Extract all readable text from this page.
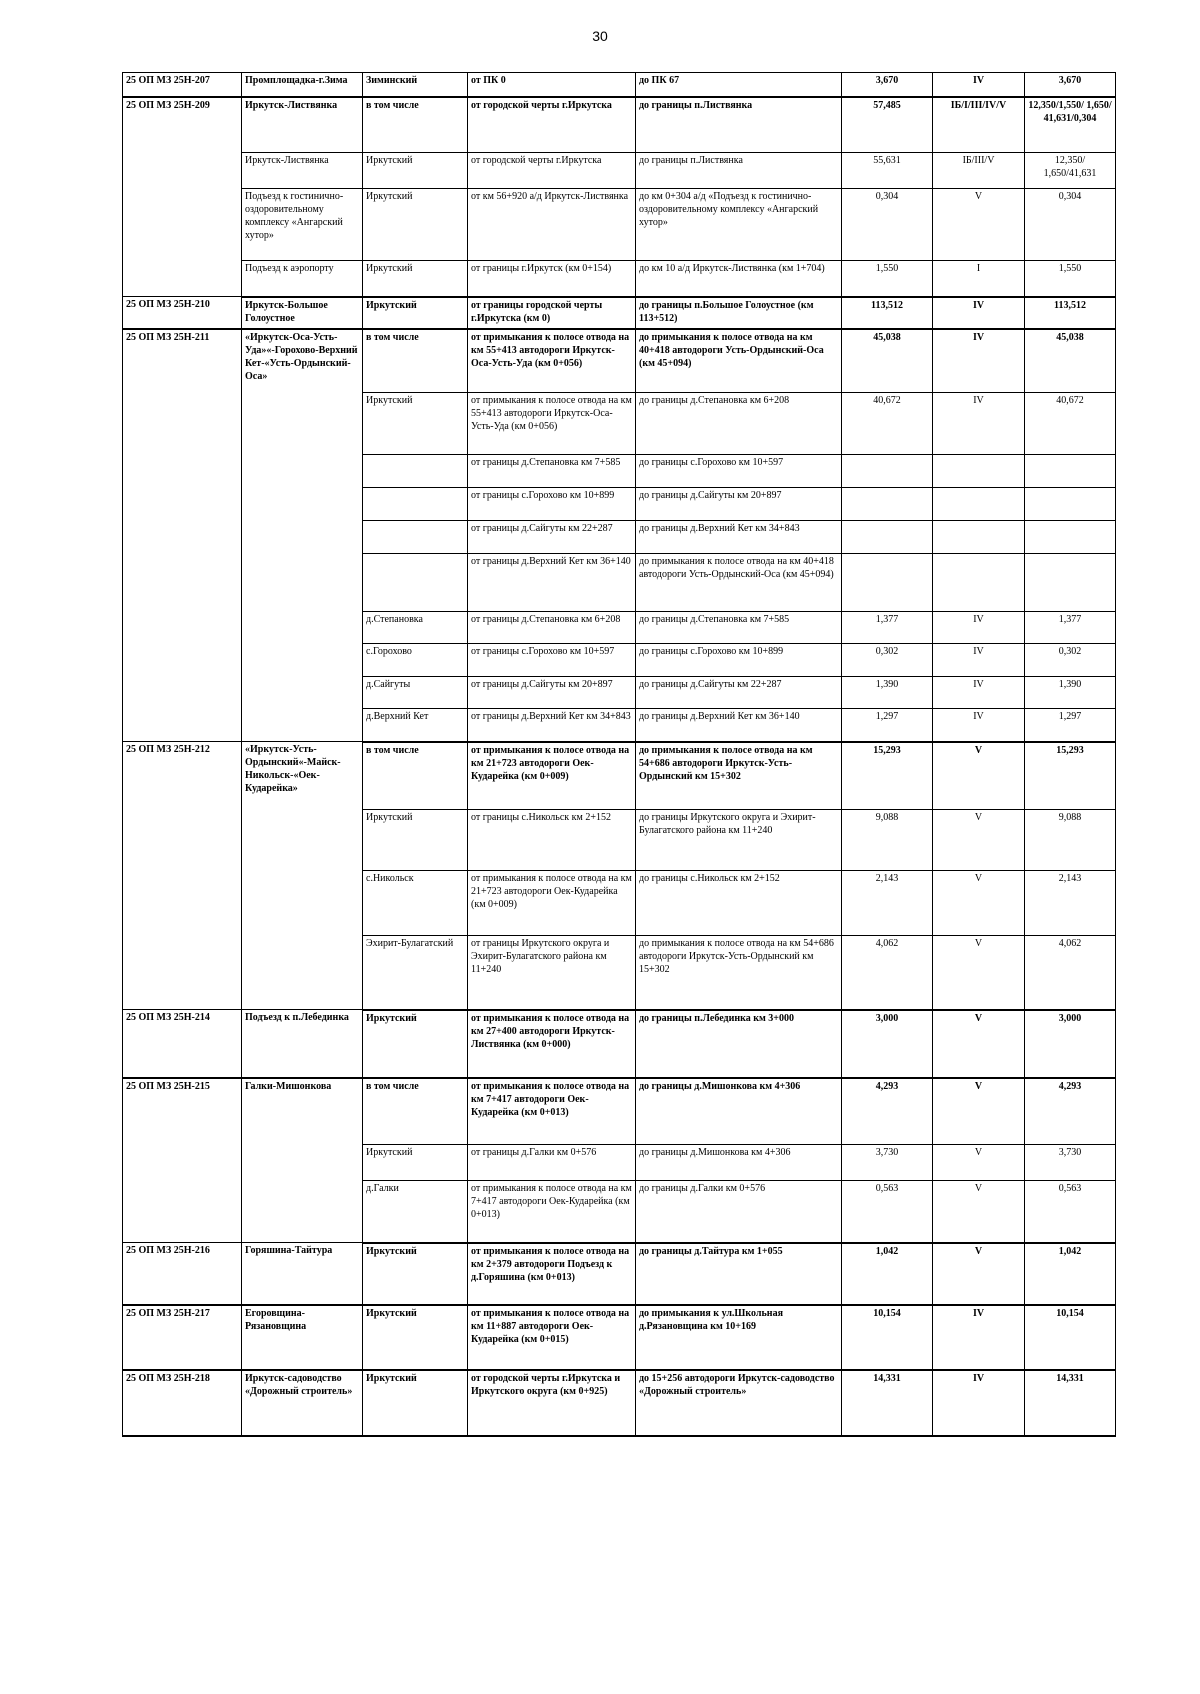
30
25 ОП МЗ 25Н-207	Промплощадка-г.Зима	Зиминский	от ПК 0	до ПК 67	3,670	IV	3,670
25 ОП МЗ 25Н-209	Иркутск-Листвянка	в том числе	от городской черты г.Иркутска	до границы п.Листвянка	57,485	IБ/I/III/IV/V	12,350/1,550/ 1,650/ 41,631/0,304
	Иркутск-Листвянка	Иркутский	от городской черты г.Иркутска	до границы п.Листвянка	55,631	IБ/III/V	12,350/ 1,650/41,631
	Подъезд к гостинично-оздоровительному комплексу «Ангарский хутор»	Иркутский	от км 56+920 а/д Иркутск-Листвянка	до км 0+304 а/д «Подъезд к гостинично-оздоровительному комплексу «Ангарский хутор»	0,304	V	0,304
	Подъезд к аэропорту	Иркутский	от границы г.Иркутск (км 0+154)	до км 10 а/д Иркутск-Листвянка (км 1+704)	1,550	I	1,550
25 ОП МЗ 25Н-210	Иркутск-Большое Голоустное	Иркутский	от границы городской черты г.Иркутска (км 0)	до границы п.Большое Голоустное (км 113+512)	113,512	IV	113,512
25 ОП МЗ 25Н-211	«Иркутск-Оса-Усть-Уда»«-Горохово-Верхний Кет-«Усть-Ордынский-Оса»	в том числе	от примыкания к полосе отвода на км 55+413 автодороги Иркутск-Оса-Усть-Уда (км 0+056)	до примыкания к полосе отвода на км 40+418 автодороги Усть-Ордынский-Оса (км 45+094)	45,038	IV	45,038
		Иркутский	от примыкания к полосе отвода на км 55+413 автодороги Иркутск-Оса-Усть-Уда (км 0+056)	до границы д.Степановка км 6+208	40,672	IV	40,672
			от границы д.Степановка км 7+585	до границы с.Горохово км 10+597			
			от границы с.Горохово км 10+899	до границы д.Сайгуты км 20+897			
			от границы д.Сайгуты км 22+287	до границы д.Верхний Кет км 34+843			
			от границы д.Верхний Кет км 36+140	до примыкания к полосе отвода на км 40+418 автодороги Усть-Ордынский-Оса (км 45+094)			
		д.Степановка	от границы д.Степановка км 6+208	до границы д.Степановка км 7+585	1,377	IV	1,377
		с.Горохово	от границы с.Горохово км 10+597	до границы с.Горохово км 10+899	0,302	IV	0,302
		д.Сайгуты	от границы д.Сайгуты км 20+897	до границы д.Сайгуты км 22+287	1,390	IV	1,390
		д.Верхний Кет	от границы д.Верхний Кет км 34+843	до границы д.Верхний Кет км 36+140	1,297	IV	1,297
25 ОП МЗ 25Н-212	«Иркутск-Усть-Ордынский«-Майск-Никольск-«Оек-Кударейка»	в том числе	от примыкания к полосе отвода на км 21+723 автодороги Оек-Кударейка (км 0+009)	до примыкания к полосе отвода на км 54+686 автодороги Иркутск-Усть-Ордынский км 15+302	15,293	V	15,293
		Иркутский	от границы с.Никольск км 2+152	до границы Иркутского округа и Эхирит-Булагатского района км 11+240	9,088	V	9,088
		с.Никольск	от примыкания к полосе отвода на км 21+723 автодороги Оек-Кударейка (км 0+009)	до границы с.Никольск км 2+152	2,143	V	2,143
		Эхирит-Булагатский	от границы Иркутского округа и Эхирит-Булагатского района км 11+240	до примыкания к полосе отвода на км 54+686 автодороги Иркутск-Усть-Ордынский км 15+302	4,062	V	4,062
25 ОП МЗ 25Н-214	Подъезд к п.Лебединка	Иркутский	от примыкания к полосе отвода на км 27+400 автодороги Иркутск-Листвянка (км 0+000)	до границы п.Лебединка км 3+000	3,000	V	3,000
25 ОП МЗ 25Н-215	Галки-Мишонкова	в том числе	от примыкания к полосе отвода на км 7+417 автодороги Оек-Кударейка (км 0+013)	до границы д.Мишонкова км 4+306	4,293	V	4,293
		Иркутский	от границы д.Галки км 0+576	до границы д.Мишонкова км 4+306	3,730	V	3,730
		д.Галки	от примыкания к полосе отвода на км 7+417 автодороги Оек-Кударейка (км 0+013)	до границы д.Галки км 0+576	0,563	V	0,563
25 ОП МЗ 25Н-216	Горяшина-Тайтура	Иркутский	от примыкания к полосе отвода на км 2+379 автодороги Подъезд к д.Горяшина (км 0+013)	до границы д.Тайтура км 1+055	1,042	V	1,042
25 ОП МЗ 25Н-217	Егоровщина-Рязановщина	Иркутский	от примыкания к полосе отвода на км 11+887 автодороги Оек-Кударейка (км 0+015)	до примыкания к ул.Школьная д.Рязановщина км 10+169	10,154	IV	10,154
25 ОП МЗ 25Н-218	Иркутск-садоводство «Дорожный строитель»	Иркутский	от городской черты г.Иркутска и Иркутского округа (км 0+925)	до 15+256 автодороги Иркутск-садоводство «Дорожный строитель»	14,331	IV	14,331
